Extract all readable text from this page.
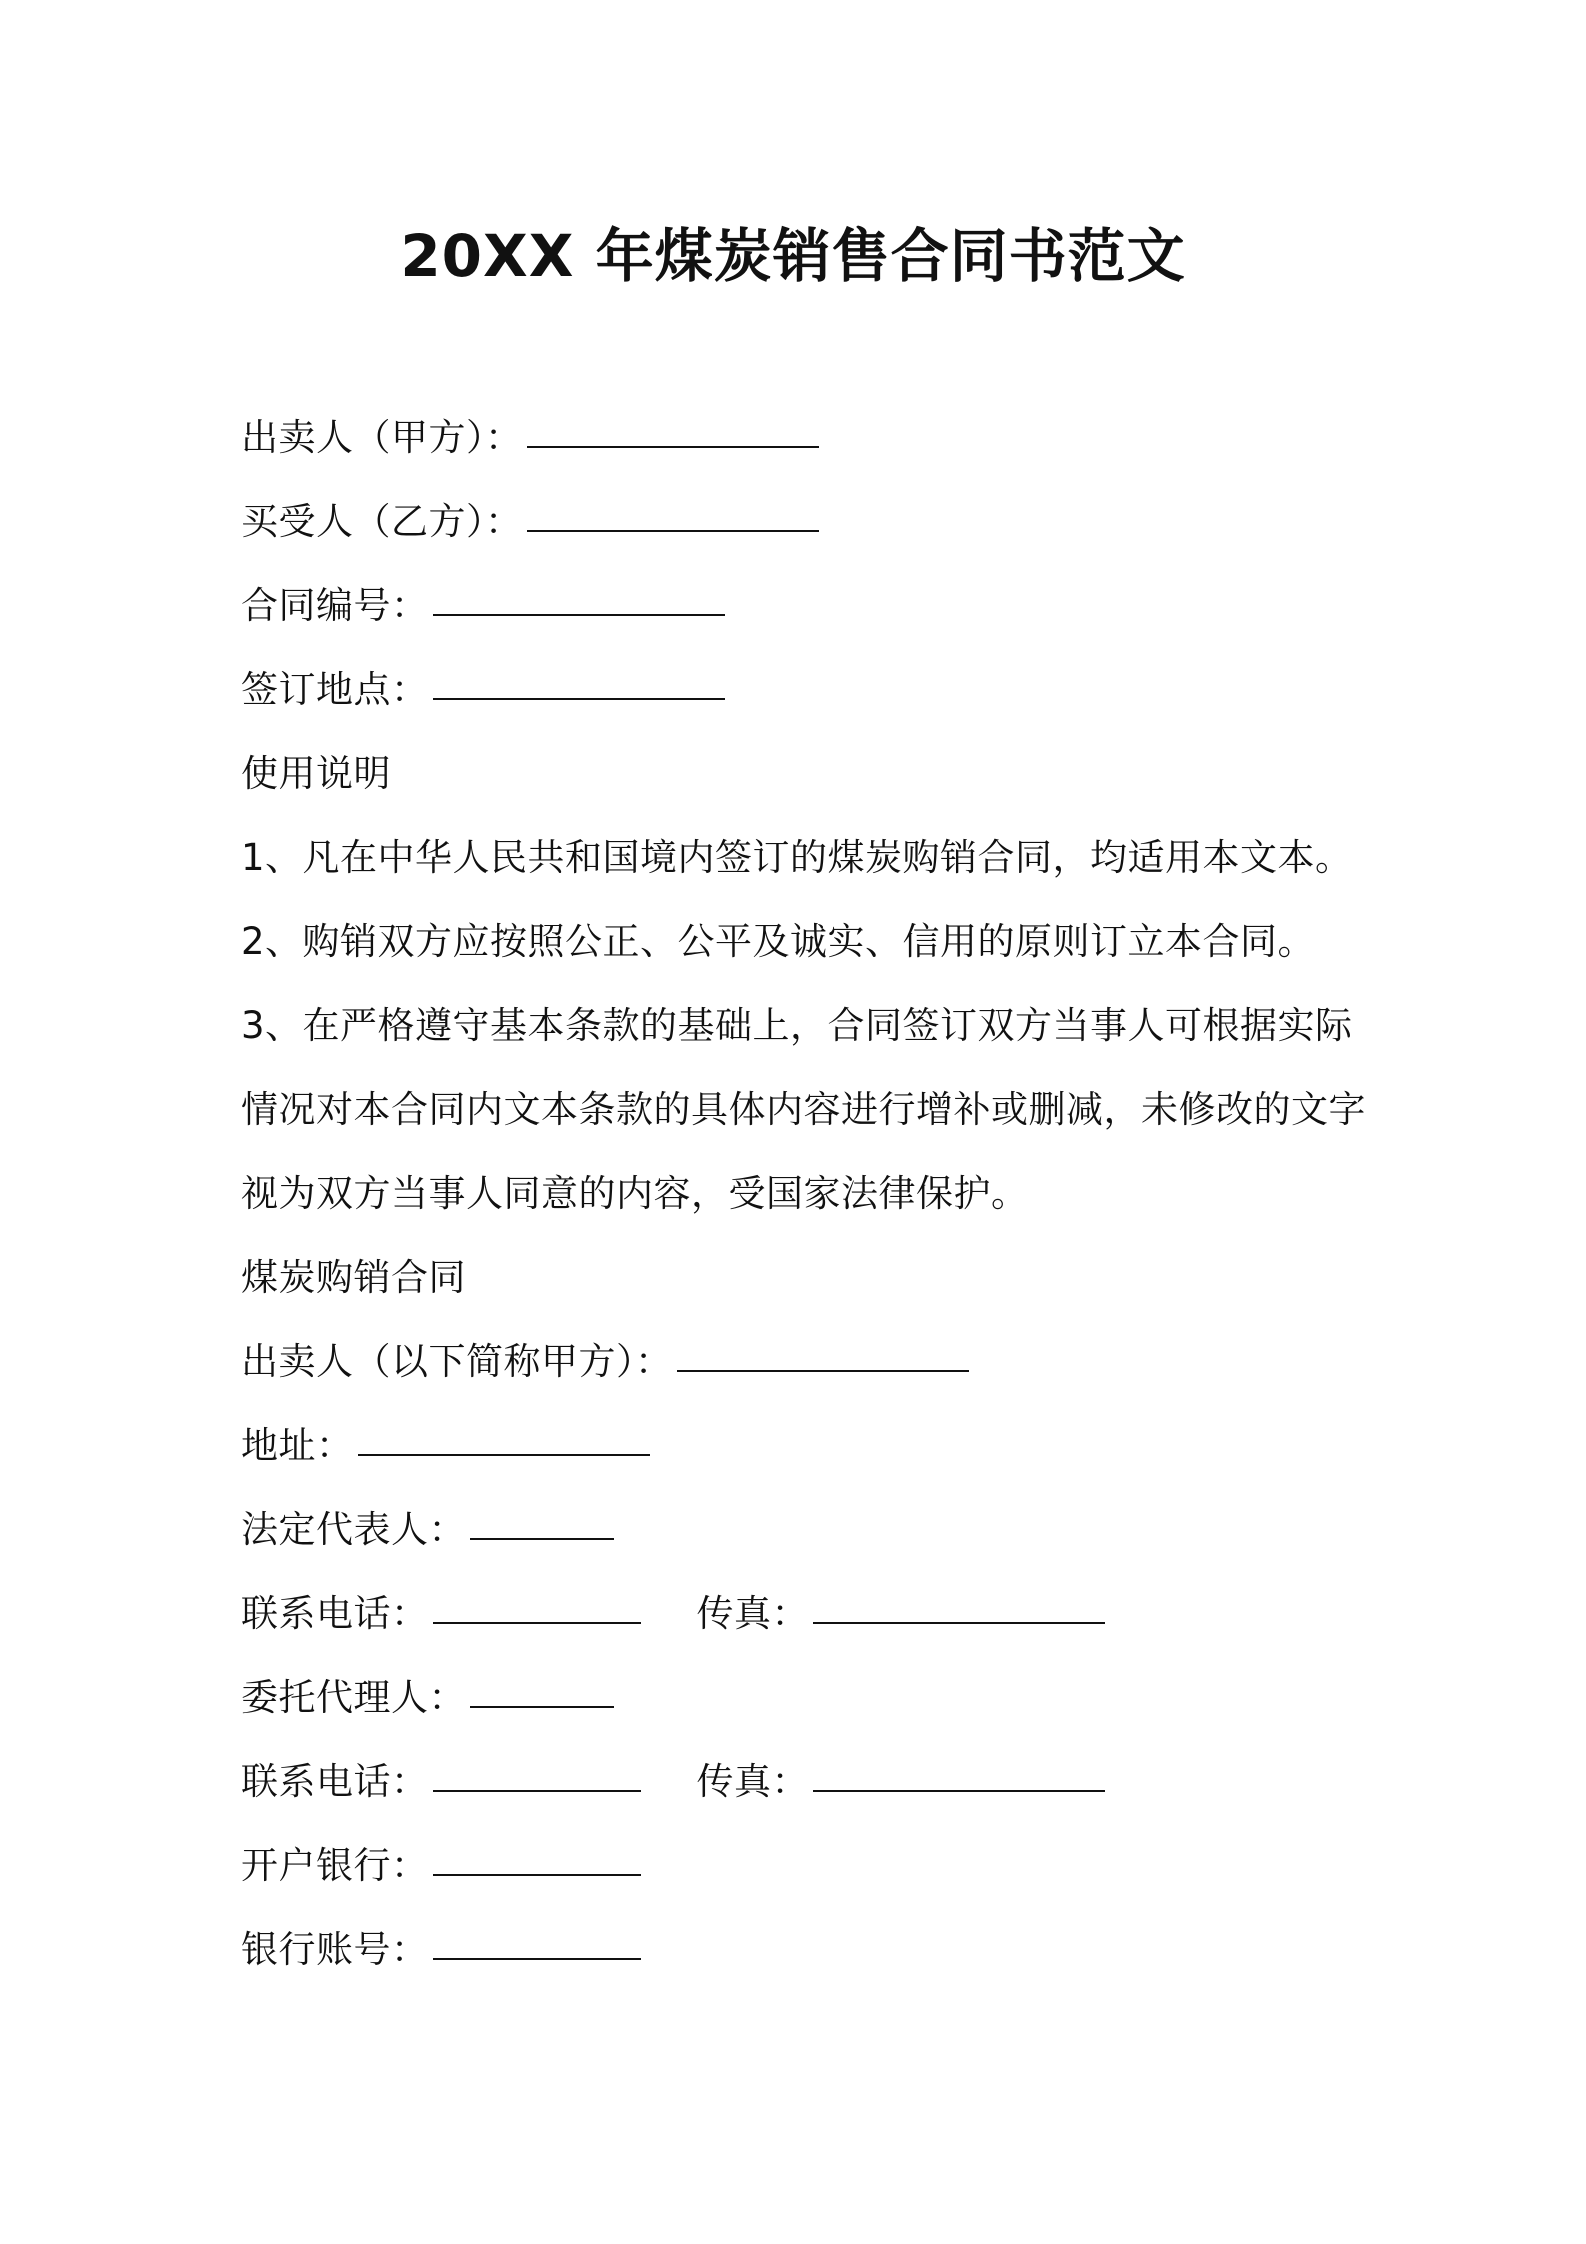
20XX 年煤炭销售合同书范文
出卖人（甲方）：
买受人（乙方）：
合同编号：
签订地点：
使用说明
1、凡在中华人民共和国境内签订的煤炭购销合同，均适用本文本。
2、购销双方应按照公正、公平及诚实、信用的原则订立本合同。
3、在严格遵守基本条款的基础上，合同签订双方当事人可根据实际
情况对本合同内文本条款的具体内容进行增补或删减，未修改的文字
视为双方当事人同意的内容，受国家法律保护。
煤炭购销合同
出卖人（以下简称甲方）：
地址：
法定代表人：
联系电话：	传真：
委托代理人：
联系电话：	传真：
开户银行：
银行账号：
